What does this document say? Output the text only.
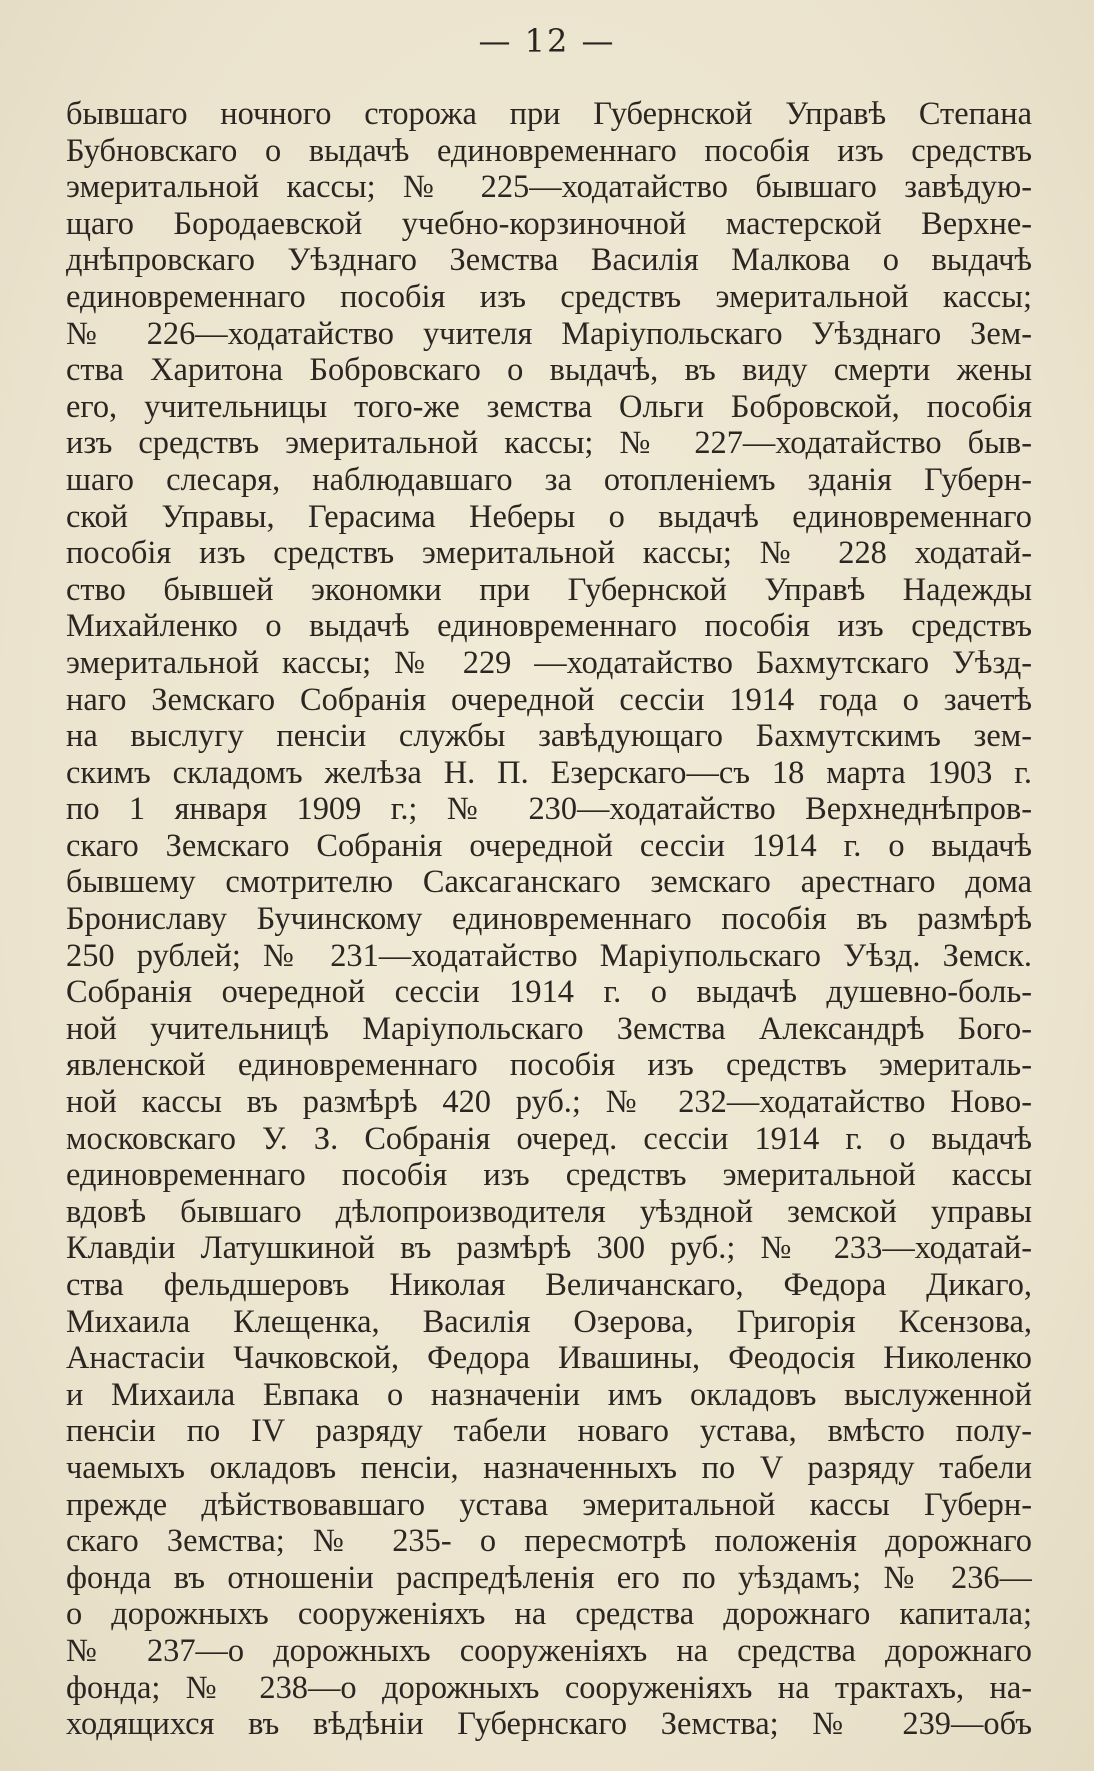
— 12 —
бывшаго ночного сторожа при Губернской Управѣ Степана
Бубновскаго о выдачѣ единовременнаго пособія изъ средствъ
эмеритальной кассы; № 225—ходатайство бывшаго завѣдую-
щаго Бородаевской учебно-корзиночной мастерской Верхне-
днѣпровскаго Уѣзднаго Земства Василія Малкова о выдачѣ
единовременнаго пособія изъ средствъ эмеритальной кассы;
№ 226—ходатайство учителя Маріупольскаго Уѣзднаго Зем-
ства Харитона Бобровскаго о выдачѣ, въ виду смерти жены
его, учительницы того-же земства Ольги Бобровской, пособія
изъ средствъ эмеритальной кассы; № 227—ходатайство быв-
шаго слесаря, наблюдавшаго за отопленіемъ зданія Губерн-
ской Управы, Герасима Неберы о выдачѣ единовременнаго
пособія изъ средствъ эмеритальной кассы; № 228 ходатай-
ство бывшей экономки при Губернской Управѣ Надежды
Михайленко о выдачѣ единовременнаго пособія изъ средствъ
эмеритальной кассы; № 229 —ходатайство Бахмутскаго Уѣзд-
наго Земскаго Собранія очередной сессіи 1914 года о зачетѣ
на выслугу пенсіи службы завѣдующаго Бахмутскимъ зем-
скимъ складомъ желѣза Н. П. Езерскаго—съ 18 марта 1903 г.
по 1 января 1909 г.; № 230—ходатайство Верхнеднѣпров-
скаго Земскаго Собранія очередной сессіи 1914 г. о выдачѣ
бывшему смотрителю Саксаганскаго земскаго арестнаго дома
Брониславу Бучинскому единовременнаго пособія въ размѣрѣ
250 рублей; № 231—ходатайство Маріупольскаго Уѣзд. Земск.
Собранія очередной сессіи 1914 г. о выдачѣ душевно-боль-
ной учительницѣ Маріупольскаго Земства Александрѣ Бого-
явленской единовременнаго пособія изъ средствъ эмериталь-
ной кассы въ размѣрѣ 420 руб.; № 232—ходатайство Ново-
московскаго У. З. Собранія очеред. сессіи 1914 г. о выдачѣ
единовременнаго пособія изъ средствъ эмеритальной кассы
вдовѣ бывшаго дѣлопроизводителя уѣздной земской управы
Клавдіи Латушкиной въ размѣрѣ 300 руб.; № 233—ходатай-
ства фельдшеровъ Николая Величанскаго, Федора Дикаго,
Михаила Клещенка, Василія Озерова, Григорія Ксензова,
Анастасіи Чачковской, Федора Ивашины, Феодосія Николенко
и Михаила Евпака о назначеніи имъ окладовъ выслуженной
пенсіи по IV разряду табели новаго устава, вмѣсто полу-
чаемыхъ окладовъ пенсіи, назначенныхъ по V разряду табели
прежде дѣйствовавшаго устава эмеритальной кассы Губерн-
скаго Земства; № 235- о пересмотрѣ положенія дорожнаго
фонда въ отношеніи распредѣленія его по уѣздамъ; № 236—
о дорожныхъ сооруженіяхъ на средства дорожнаго капитала;
№ 237—о дорожныхъ сооруженіяхъ на средства дорожнаго
фонда; № 238—о дорожныхъ сооруженіяхъ на трактахъ, на-
ходящихся въ вѣдѣніи Губернскаго Земства; № 239—объ
